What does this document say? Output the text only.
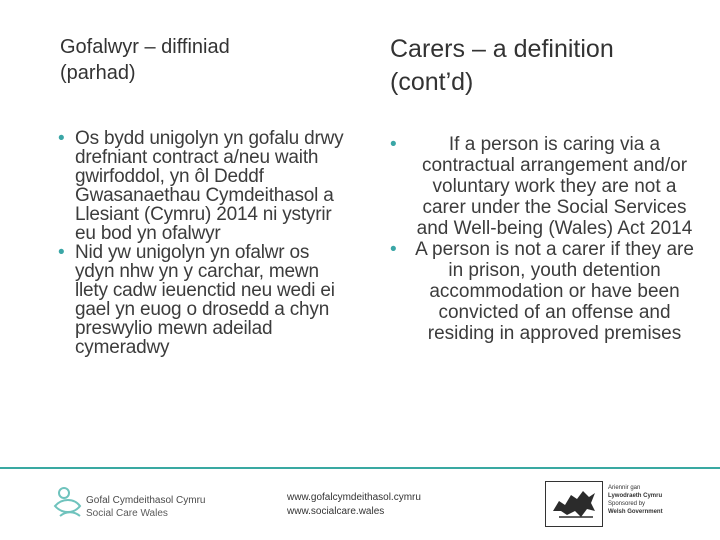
Gofalwyr – diffiniad
(parhad)
Carers – a definition
(cont’d)
• Os bydd unigolyn yn gofalu drwy drefniant contract a/neu waith gwirfoddol, yn ôl Deddf Gwasanaethau Cymdeithasol a Llesiant (Cymru) 2014 ni ystyrir eu bod yn ofalwyr
• Nid yw unigolyn yn ofalwr os ydyn nhw yn y carchar, mewn llety cadw ieuenctid neu wedi ei gael yn euog o drosedd a chyn preswylio mewn adeilad cymeradwy
•	If a person is caring via a contractual arrangement and/or voluntary work they are not a carer under the Social Services and Well-being (Wales) Act 2014
• A person is not a carer if they are in prison, youth detention accommodation or have been convicted of an offense and residing in approved premises
Gofal Cymdeithasol Cymru
Social Care Wales
www.gofalcymdeithasol.cymru
www.socialcare.wales
Ariennir gan
Lywodraeth Cymru
Sponsored by
Welsh Government
